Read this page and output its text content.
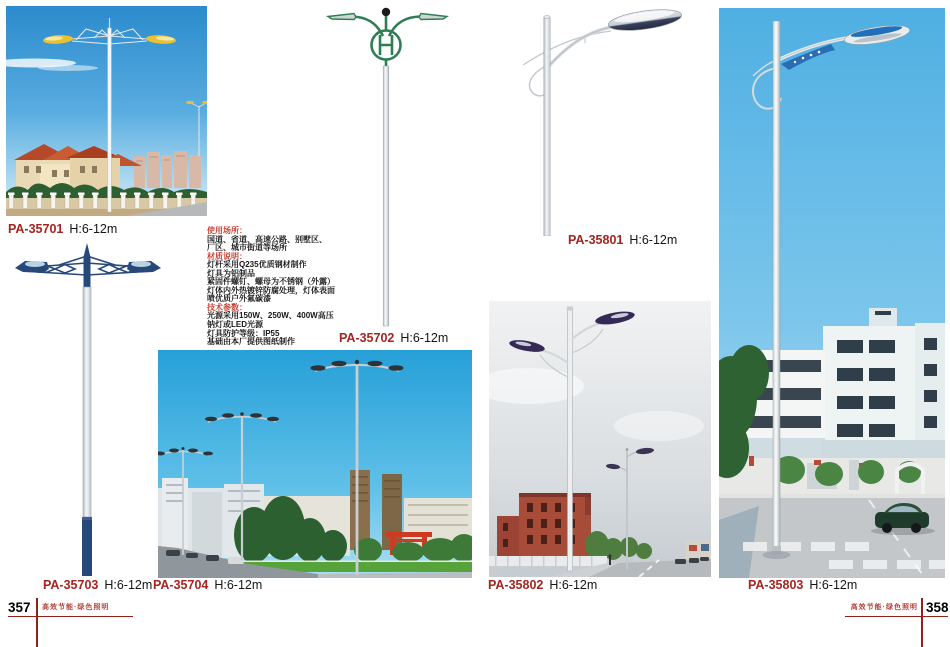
使用场所：
国道、省道、高速公路、别墅区、
厂区、城市街道等场所
材质说明：
灯杆采用Q235优质钢材制作
灯具为铝制品
紧固件螺钉、螺母为不锈钢（外露）
灯体内外热镀锌防腐处理，灯体表面
喷优质户外氟碳漆
技术参数：
光源采用150W、250W、400W高压
钠灯或LED光源
灯具防护等级：IP55
基础由本厂提供图纸制作
PA-35701 H:6-12m
PA-35702 H:6-12m
PA-35703 H:6-12m PA-35704 H:6-12m
PA-35801 H:6-12m
PA-35802 H:6-12m	PA-35803 H:6-12m
357 高效节能·绿色照明	高效节能·绿色照明 358
